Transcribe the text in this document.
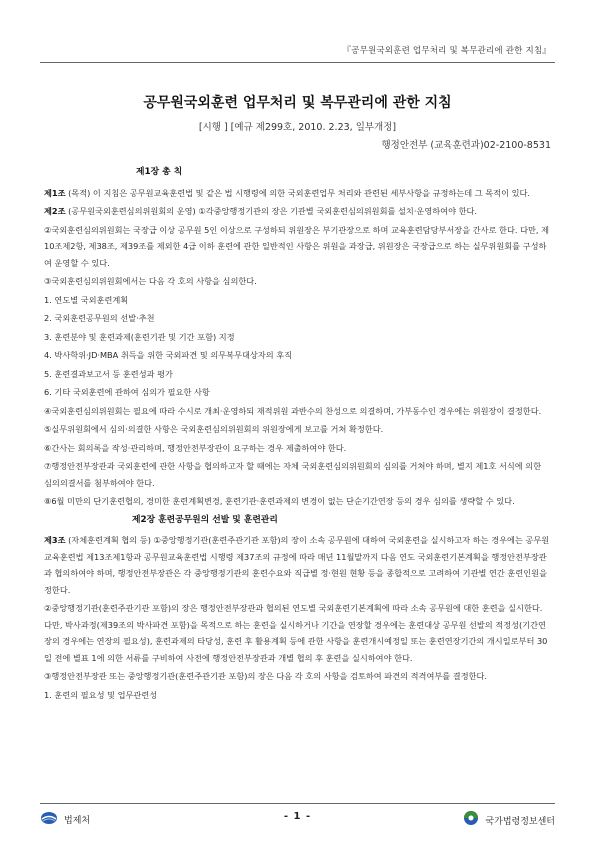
『공무원국외훈련 업무처리 및 복무관리에 관한 지침』
공무원국외훈련 업무처리 및 복무관리에 관한 지침
[시행 ] [예규 제299호, 2010. 2.23, 일부개정]
행정안전부 (교육훈련과)02-2100-8531
제1장 총 칙
제1조 (목적) 이 지침은 공무원교육훈련법 및 같은 법 시행령에 의한 국외훈련업무 처리와 관련된 세부사항을 규정하는데 그 목적이 있다.
제2조 (공무원국외훈련심의위원회의 운영) ①각중앙행정기관의 장은 기관별 국외훈련심의위원회를 설치·운영하여야 한다.
②국외훈련심의위원회는 국장급 이상 공무원 5인 이상으로 구성하되 위원장은 부기관장으로 하며 교육훈련담당부서장을 간사로 한다. 다만, 제10조제2항, 제38조, 제39조를 제외한 4급 이하 훈련에 관한 일반적인 사항은 위원을 과장급, 위원장은 국장급으로 하는 실무위원회를 구성하여 운영할 수 있다.
③국외훈련심의위원회에서는 다음 각 호의 사항을 심의한다.
1. 연도별 국외훈련계획
2. 국외훈련공무원의 선발·추천
3. 훈련분야 및 훈련과제(훈련기관 및 기간 포함) 지정
4. 박사학위·JD·MBA 취득을 위한 국외파견 및 의무복무대상자의 후직
5. 훈련결과보고서 등 훈련성과 평가
6. 기타 국외훈련에 관하여 심의가 필요한 사항
④국외훈련심의위원회는 필요에 따라 수시로 개최·운영하되 재적위원 과반수의 찬성으로 의결하며, 가부동수인 경우에는 위원장이 결정한다.
⑤실무위원회에서 심의·의결한 사항은 국외훈련심의위원회의 위원장에게 보고를 거쳐 확정한다.
⑥간사는 회의록을 작성·관리하며, 행정안전부장관이 요구하는 경우 제출하여야 한다.
⑦행정안전부장관과 국외훈련에 관한 사항을 협의하고자 할 때에는 자체 국외훈련심의위원회의 심의를 거쳐야 하며, 별지 제1호 서식에 의한 심의의결서를 첨부하여야 한다.
⑧6월 미만의 단기훈련협의, 경미한 훈련계획변경, 훈련기관·훈련과제의 변경이 없는 단순기간연장 등의 경우 심의를 생략할 수 있다.
제2장 훈련공무원의 선발 및 훈련관리
제3조 (자체훈련계획 협의 등) ①중앙행정기관(훈련주관기관 포함)의 장이 소속 공무원에 대하여 국외훈련을 실시하고자 하는 경우에는 공무원교육훈련법 제13조제1항과 공무원교육훈련법 시행령 제37조의 규정에 따라 매년 11월말까지 다음 연도 국외훈련기본계획을 행정안전부장관과 협의하여야 하며, 행정안전부장관은 각 중앙행정기관의 훈련수요와 직급별 정·현원 현황 등을 종합적으로 고려하여 기관별 연간 훈련인원을 정한다.
②중앙행정기관(훈련주관기관 포함)의 장은 행정안전부장관과 협의된 연도별 국외훈련기본계획에 따라 소속 공무원에 대한 훈련을 실시한다. 다만, 박사과정(제39조의 박사파견 포함)을 목적으로 하는 훈련을 실시하거나 기간을 연장할 경우에는 훈련대상 공무원 선발의 적정성(기간연장의 경우에는 연장의 필요성), 훈련과제의 타당성, 훈련 후 활용계획 등에 관한 사항을 훈련개시예정일 또는 훈련연장기간의 개시일로부터 30일 전에 별표 1에 의한 서류를 구비하여 사전에 행정안전부장관과 개별 협의 후 훈련을 실시하여야 한다.
③행정안전부장관 또는 중앙행정기관(훈련주관기관 포함)의 장은 다음 각 호의 사항을 검토하여 파견의 적격여부를 결정한다.
1. 훈련의 필요성 및 업무관련성
법제처	- 1 -	국가법령정보센터
